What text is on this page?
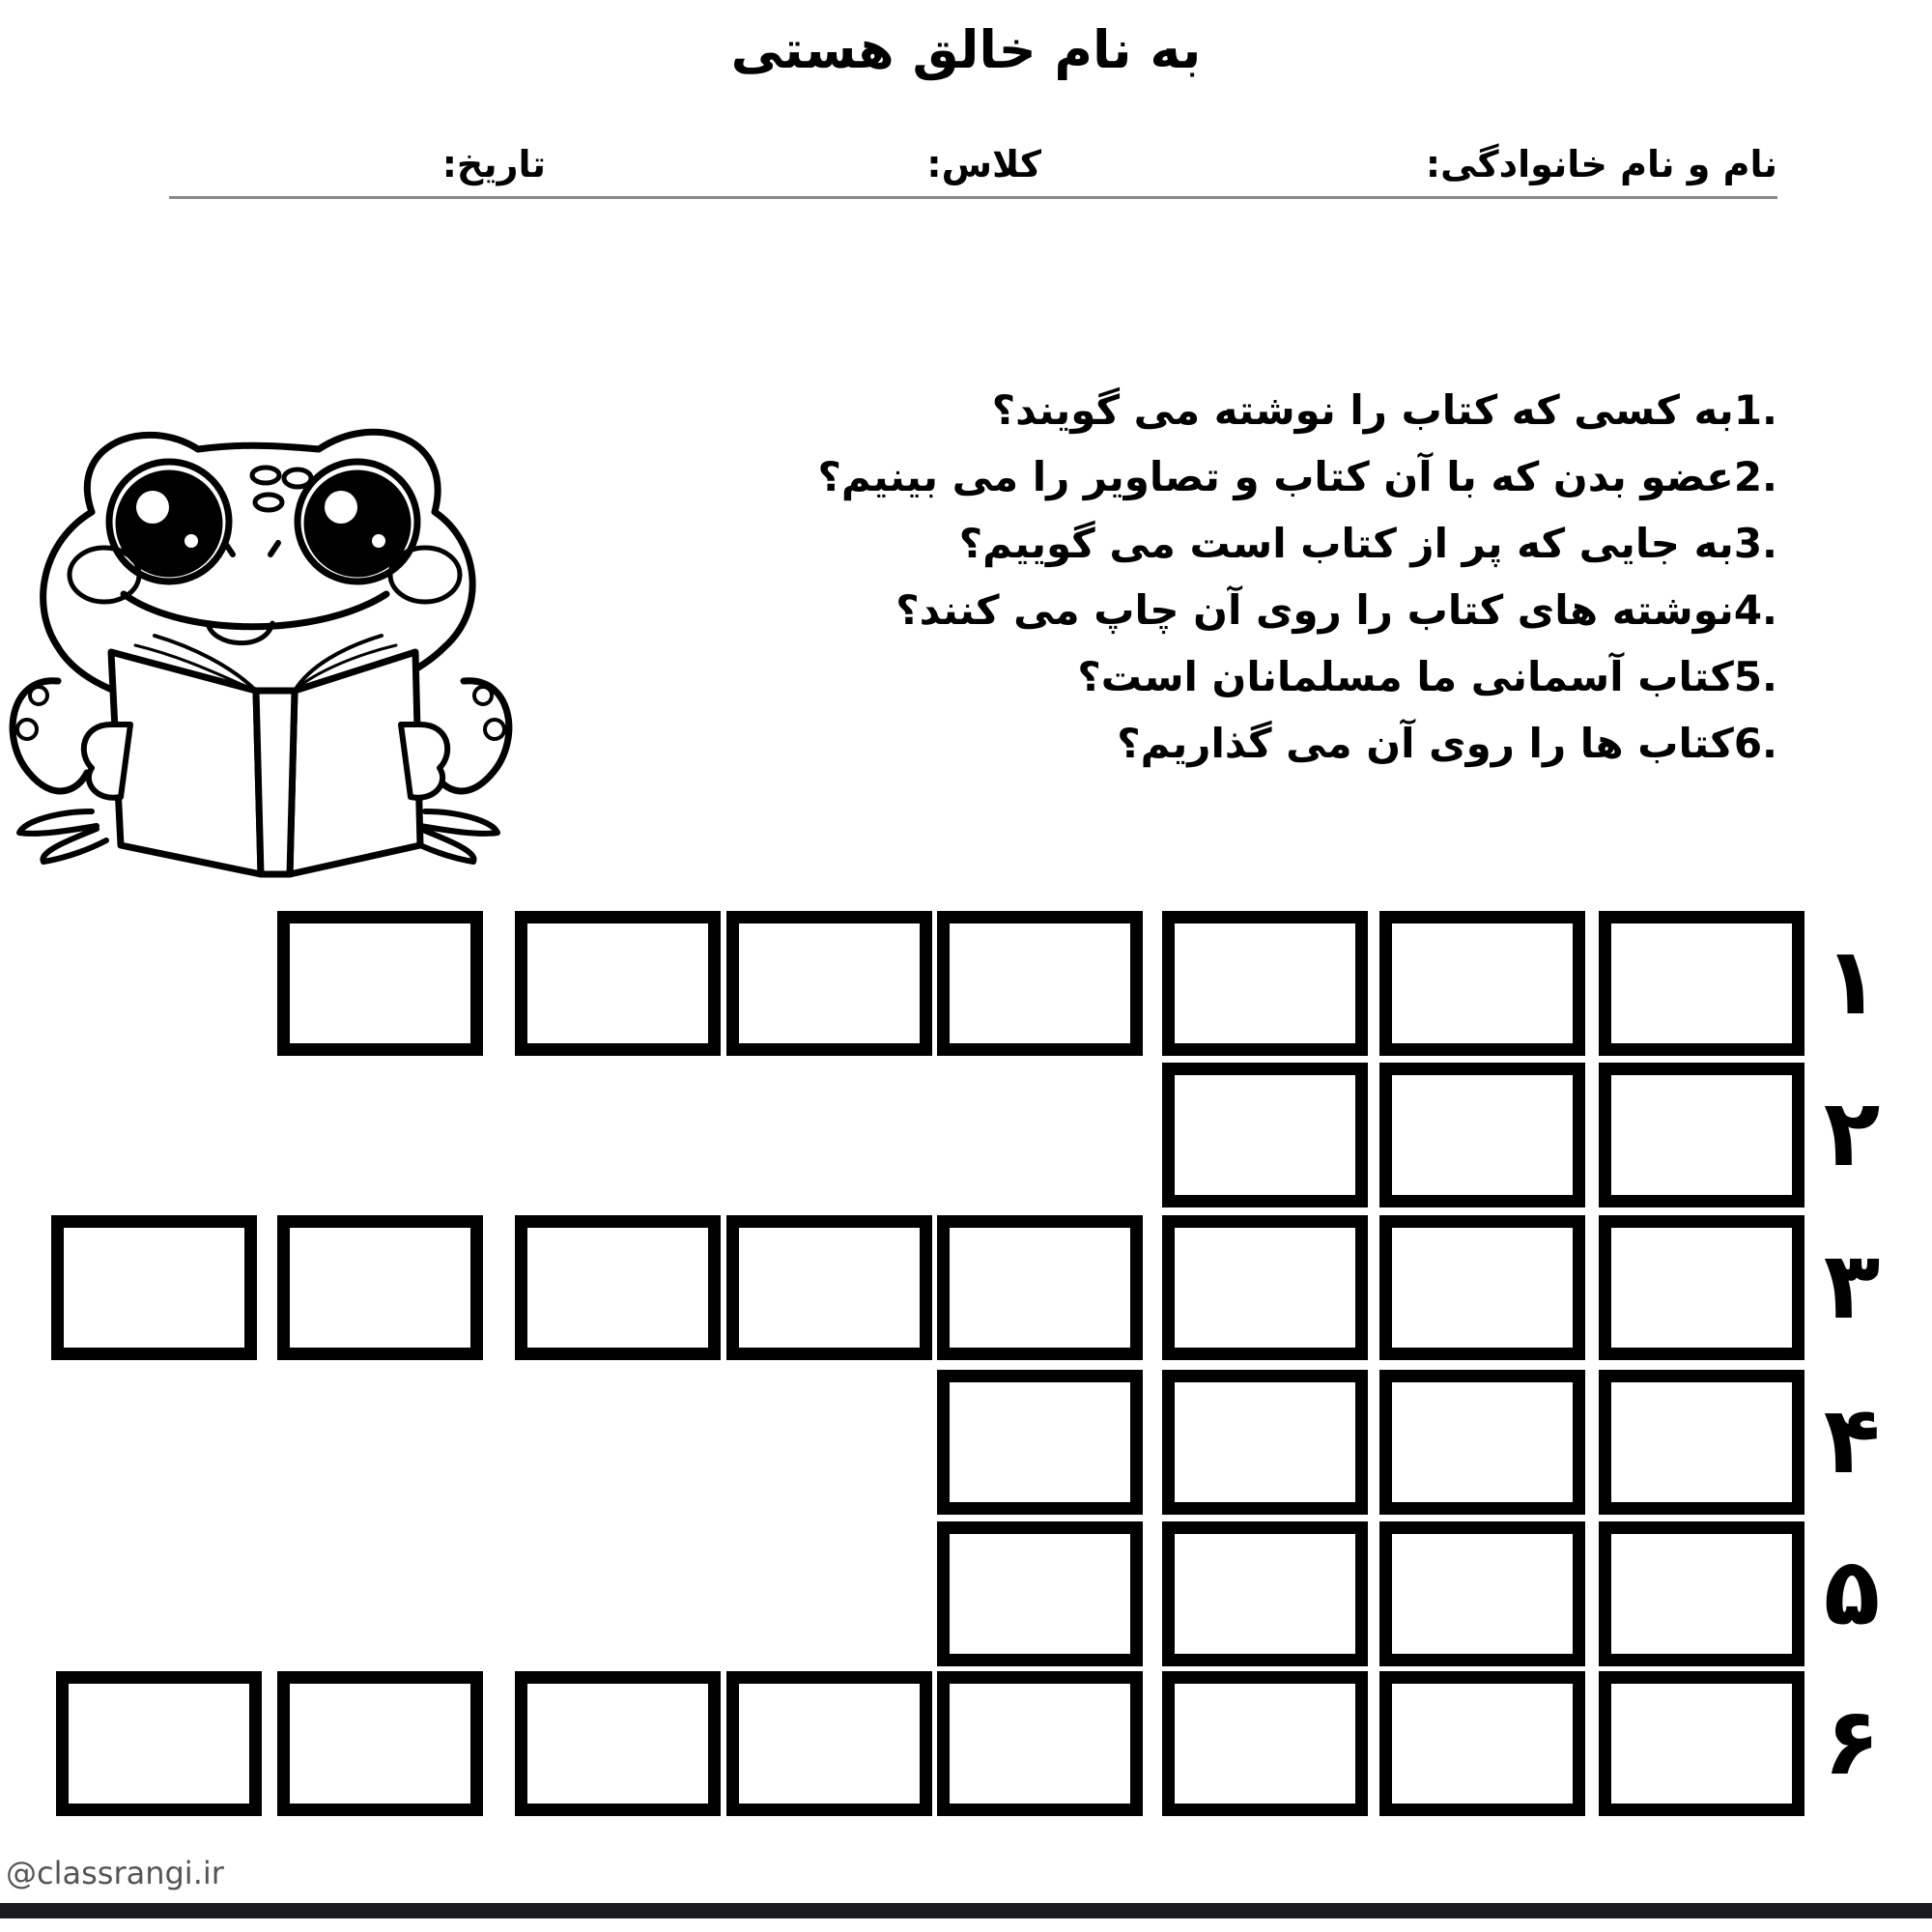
به نام خالق هستی
نام و نام خانوادگی:
کلاس:
تاریخ:
1.به کسی که کتاب را نوشته می گویند؟
2.عضو بدن که با آن کتاب و تصاویر را می بینیم؟
3.به جایی که پر از کتاب است می گوییم؟
4.نوشته های کتاب را روی آن چاپ می کنند؟
5.کتاب آسمانی ما مسلمانان است؟
6.کتاب ها را روی آن می گذاریم؟
۱
۲
۳
۴
۵
۶
@classrangi.ir
